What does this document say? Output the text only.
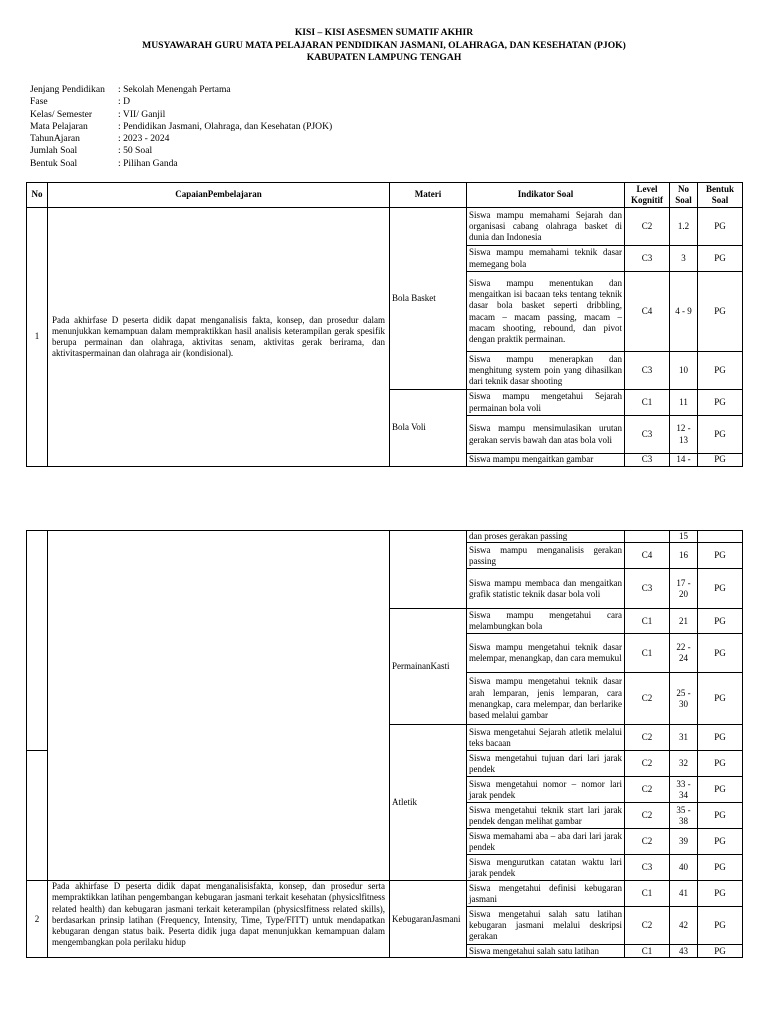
KISI – KISI ASESMEN SUMATIF AKHIR
MUSYAWARAH GURU MATA PELAJARAN PENDIDIKAN JASMANI, OLAHRAGA, DAN KESEHATAN (PJOK)
KABUPATEN LAMPUNG TENGAH
Jenjang Pendidikan	: Sekolah Menengah Pertama
Fase	: D
Kelas/ Semester	: VII/ Ganjil
Mata Pelajaran	: Pendidikan Jasmani, Olahraga, dan Kesehatan (PJOK)
TahunAjaran	: 2023 - 2024
Jumlah Soal	: 50 Soal
Bentuk Soal	: Pilihan Ganda
No	CapaianPembelajaran	Materi	Indikator Soal	Level Kognitif	No Soal	Bentuk Soal
1	Pada akhirfase D peserta didik dapat menganalisis fakta, konsep, dan prosedur dalam menunjukkan kemampuan dalam mempraktikkan hasil analisis keterampilan gerak spesifik berupa permainan dan olahraga, aktivitas senam, aktivitas gerak berirama, dan aktivitaspermainan dan olahraga air (kondisional).	Bola Basket	Siswa mampu memahami Sejarah dan organisasi cabang olahraga basket di dunia dan Indonesia	C2	1.2	PG
			Siswa mampu memahami teknik dasar memegang bola	C3	3	PG
			Siswa mampu menentukan dan mengaitkan isi bacaan teks tentang teknik dasar bola basket seperti dribbling, macam – macam passing, macam – macam shooting, rebound, dan pivot dengan praktik permainan.	C4	4 - 9	PG
			Siswa mampu menerapkan dan menghitung system poin yang dihasilkan dari teknik dasar shooting	C3	10	PG
		Bola Voli	Siswa mampu mengetahui Sejarah permainan bola voli	C1	11	PG
			Siswa mampu mensimulasikan urutan gerakan servis bawah dan atas bola voli	C3	12 - 13	PG
			Siswa mampu mengaitkan gambar	C3	14 -	PG
			dan proses gerakan passing		15	
			Siswa mampu menganalisis gerakan passing	C4	16	PG
			Siswa mampu membaca dan mengaitkan grafik statistic teknik dasar bola voli	C3	17 - 20	PG
		PermainanKasti	Siswa mampu mengetahui cara melambungkan bola	C1	21	PG
			Siswa mampu mengetahui teknik dasar melempar, menangkap, dan cara memukul	C1	22 - 24	PG
			Siswa mampu mengetahui teknik dasar arah lemparan, jenis lemparan, cara menangkap, cara melempar, dan berlarike based melalui gambar	C2	25 - 30	PG
		Atletik	Siswa mengetahui Sejarah atletik melalui teks bacaan	C2	31	PG
			Siswa mengetahui tujuan dari lari jarak pendek	C2	32	PG
			Siswa mengetahui nomor – nomor lari jarak pendek	C2	33 - 34	PG
			Siswa mengetahui teknik start lari jarak pendek dengan melihat gambar	C2	35 - 38	PG
			Siswa memahami aba – aba dari lari jarak pendek	C2	39	PG
			Siswa mengurutkan catatan waktu lari jarak pendek	C3	40	PG
2	Pada akhirfase D peserta didik dapat menganalisisfakta, konsep, dan prosedur serta mempraktikkan latihan pengembangan kebugaran jasmani terkait kesehatan (physicslfitness related health) dan kebugaran jasmani terkait keterampilan (physicslfitness related skills), berdasarkan prinsip latihan (Frequency, Intensity, Time, Type/FITT) untuk mendapatkan kebugaran dengan status baik. Peserta didik juga dapat menunjukkan kemampuan dalam mengembangkan pola perilaku hidup	KebugaranJasmani	Siswa mengetahui definisi kebugaran jasmani	C1	41	PG
			Siswa mengetahui salah satu latihan kebugaran jasmani melalui deskripsi gerakan	C2	42	PG
			Siswa mengetahui salah satu latihan	C1	43	PG
